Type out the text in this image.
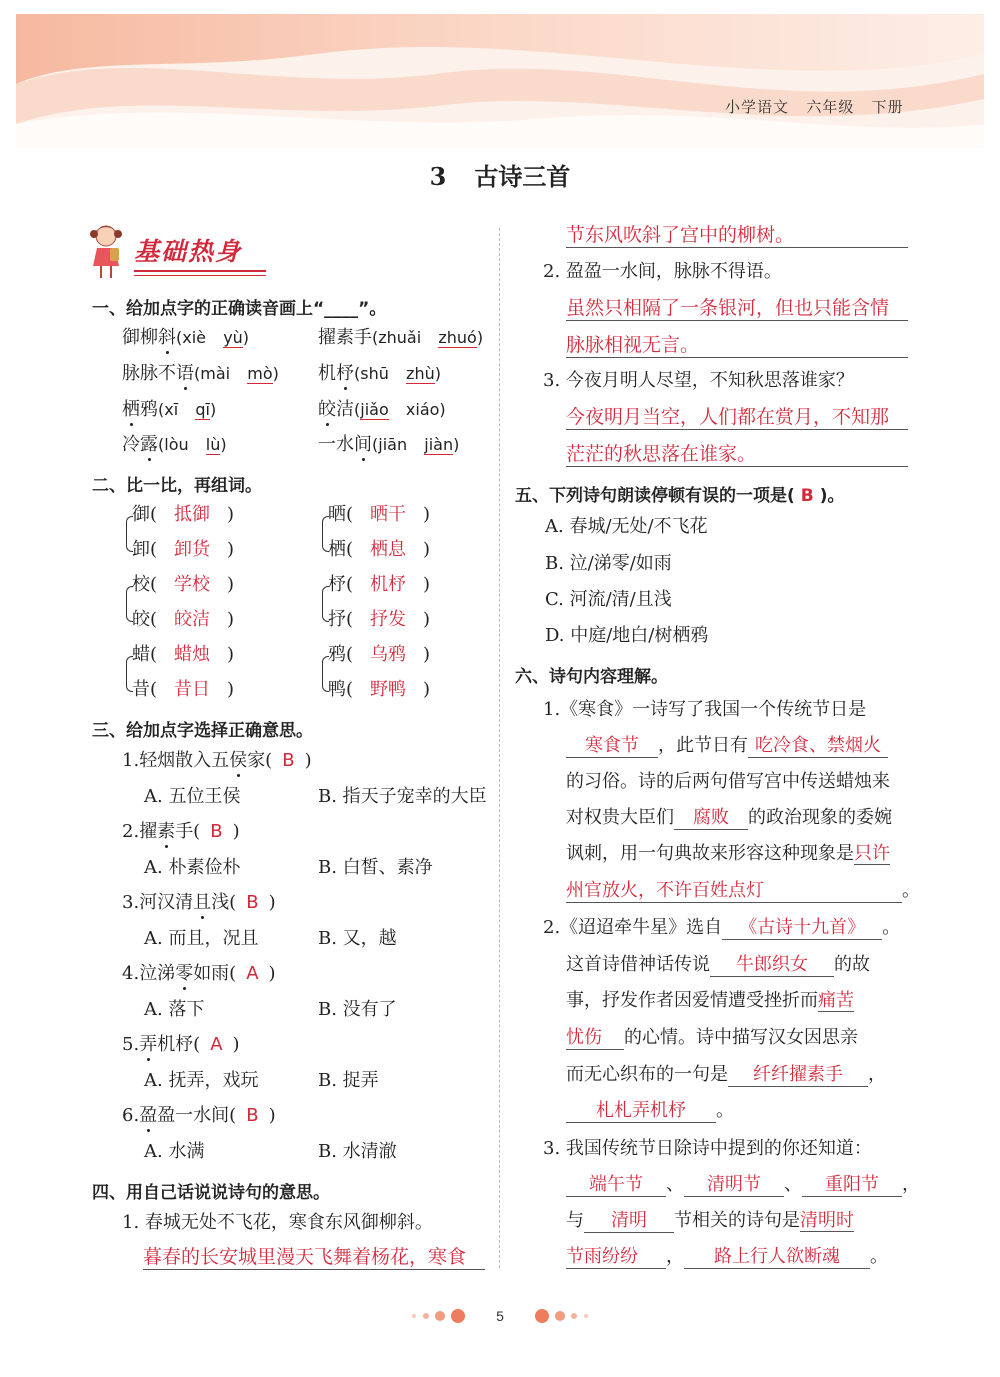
小学语文 六年级 下册
3 古诗三首
基础热身
一、给加点字的正确读音画上“____”。
御柳斜(xiè yù)	擢素手(zhuǎi zhuó)
脉脉不语(mài mò) 机杼(shū zhù)
栖鸦(xī qī)	皎洁(jiǎo xiáo)
冷露(lòu lù)	一水间(jiān jiàn)
二、比一比，再组词。
御( 抵御 )
卸( 卸货 )
晒( 晒干 )
栖( 栖息 )
校( 学校 )
皎( 皎洁 )
杼( 机杼 )
抒( 抒发 )
蜡( 蜡烛 )
昔( 昔日 )
鸦( 乌鸦 )
鸭( 野鸭 )
三、给加点字选择正确意思。
1.轻烟散入五侯家( B )
A. 五位王侯	B. 指天子宠幸的大臣
2.擢素手( B )
A. 朴素俭朴	B. 白皙、素净
3.河汉清且浅( B )
A. 而且，况且	B. 又，越
4.泣涕零如雨( A )
A. 落下	B. 没有了
5.弄机杼( A )
A. 抚弄，戏玩	B. 捉弄
6.盈盈一水间( B )
A. 水满	B. 水清澈
四、用自己话说说诗句的意思。
1. 春城无处不飞花，寒食东风御柳斜。
暮春的长安城里漫天飞舞着杨花，寒食
节东风吹斜了宫中的柳树。
2. 盈盈一水间，脉脉不得语。
虽然只相隔了一条银河，但也只能含情
脉脉相视无言。
3. 今夜月明人尽望，不知秋思落谁家？
今夜明月当空，人们都在赏月，不知那
茫茫的秋思落在谁家。
五、下列诗句朗读停顿有误的一项是( B )。
A. 春城/无处/不飞花
B. 泣/涕零/如雨
C. 河流/清/且浅
D. 中庭/地白/树栖鸦
六、诗句内容理解。
1.《寒食》一诗写了我国一个传统节日是
寒食节 ，此节日有 吃冷食、禁烟火
的习俗。诗的后两句借写宫中传送蜡烛来
对权贵大臣们 腐败 的政治现象的委婉
讽刺，用一句典故来形容这种现象是只许
州官放火，不许百姓点灯	。
2.《迢迢牵牛星》选自 《古诗十九首》 。
这首诗借神话传说 牛郎织女 的故
事，抒发作者因爱情遭受挫折而痛苦
忧伤 的心情。诗中描写汉女因思亲
而无心织布的一句是 纤纤擢素手 ，
札札弄机杼 。
3. 我国传统节日除诗中提到的你还知道：
端午节 、 清明节 、 重阳节 ，
与 清明 节相关的诗句是清明时
节雨纷纷 ， 路上行人欲断魂 。
5
